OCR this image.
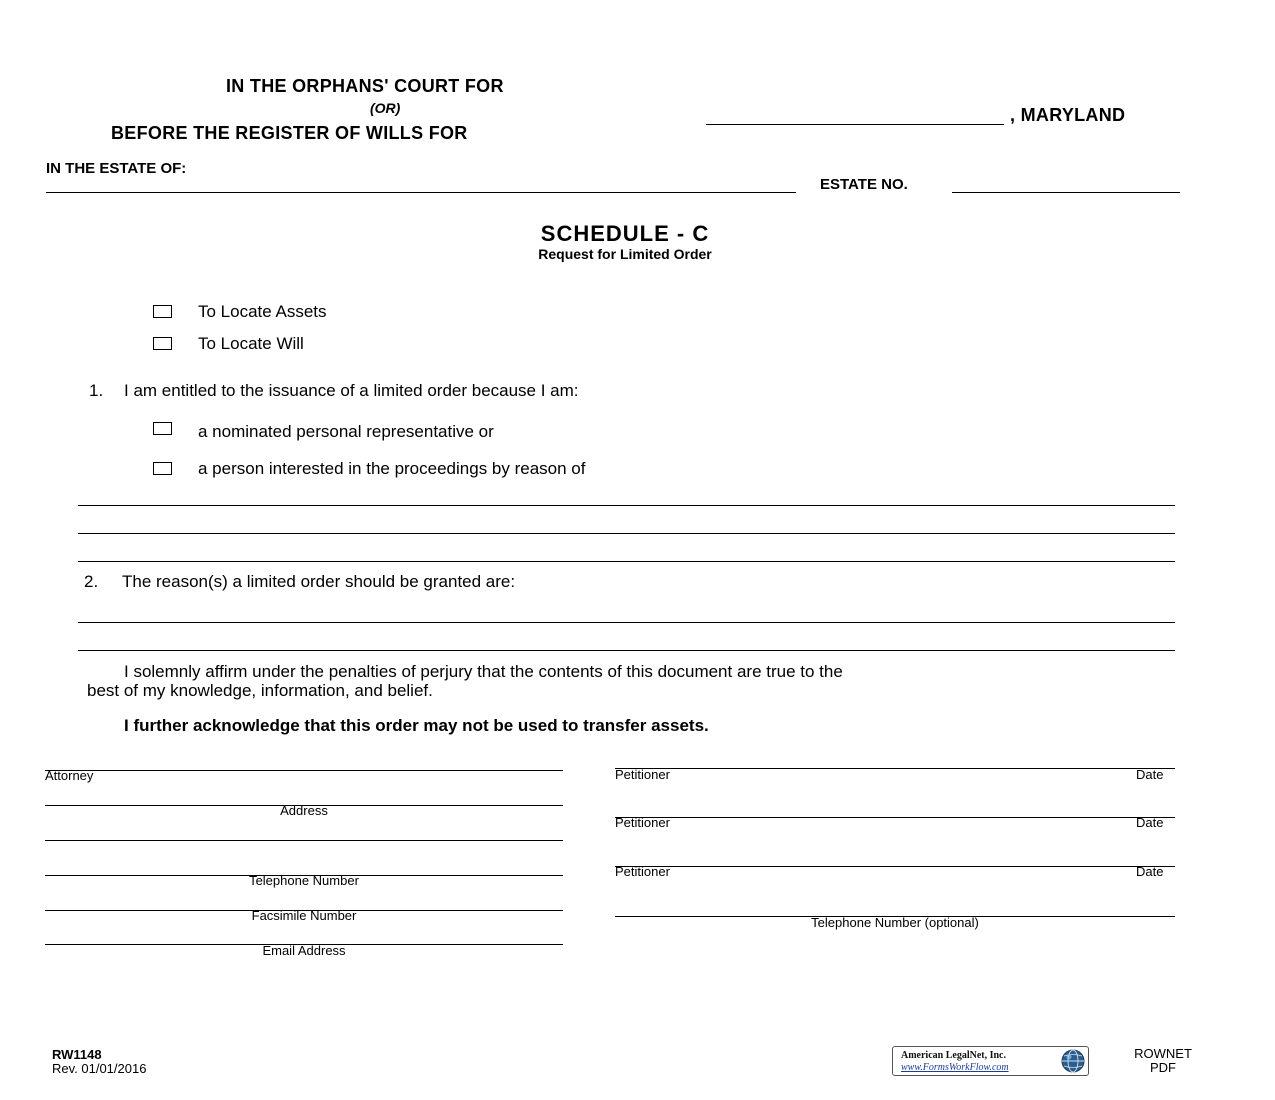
IN THE ORPHANS' COURT FOR
(OR)
BEFORE THE REGISTER OF WILLS FOR
, MARYLAND
IN THE ESTATE OF:
ESTATE NO.
SCHEDULE - C
Request for Limited Order
To Locate Assets
To Locate Will
1. I am entitled to the issuance of a limited order because I am:
a nominated personal representative or
a person interested in the proceedings by reason of
2. The reason(s) a limited order should be granted are:
I solemnly affirm under the penalties of perjury that the contents of this document are true to the
best of my knowledge, information, and belief.
I further acknowledge that this order may not be used to transfer assets.
Attorney
Address
Telephone Number
Facsimile Number
Email Address
Petitioner	Date
Petitioner	Date
Petitioner	Date
Telephone Number (optional)
RW1148
Rev. 01/01/2016
American LegalNet, Inc.
www.FormsWorkFlow.com
ROWNET
PDF
